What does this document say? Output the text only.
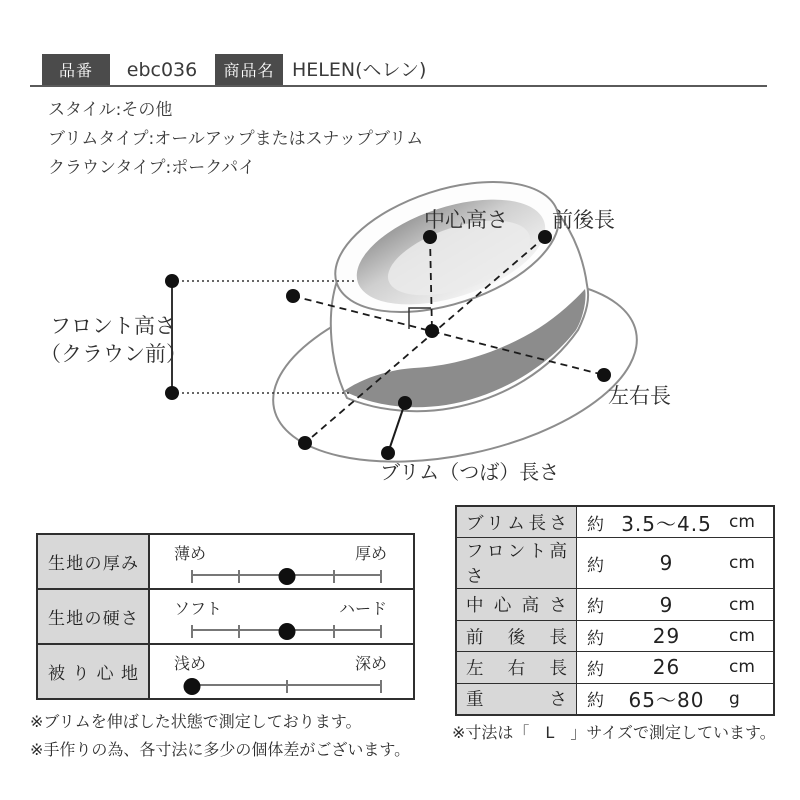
品番	ebc036	商品名 HELEN(ヘレン)
スタイル:その他
ブリムタイプ:オールアップまたはスナップブリム
クラウンタイプ:ポークパイ
中心高さ 前後長
フロント高さ
（クラウン前）
左右長
ブリム（つば）長さ
生地の厚み
薄め	厚め
生地の硬さ
ソフト	ハード
被り心地
浅め	深め
ブリム長さ 約 3.5〜4.5	cm
フロント高さ
約	9	cm
中心高さ 約	9	cm
前後長 約	29	cm
左右長 約	26	cm
重さ 約	65〜80	g
※ブリムを伸ばした状態で測定しております。
※手作りの為、各寸法に多少の個体差がございます。
※寸法は「　L　」サイズで測定しています。
